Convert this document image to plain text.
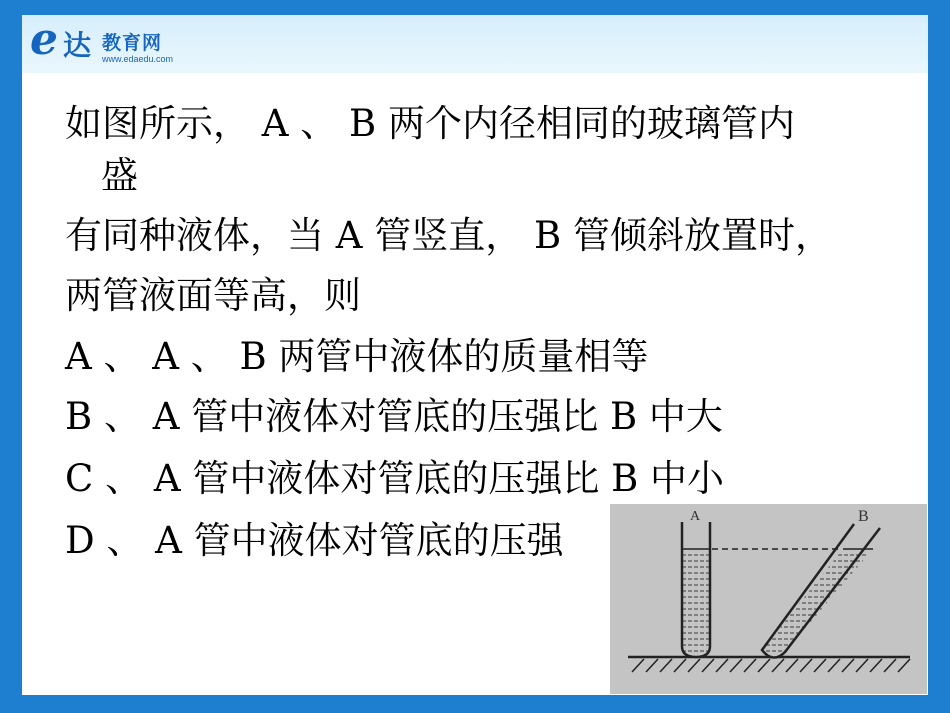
e 达 教育网
www.edaedu.com
如图所示， A 、 B 两个内径相同的玻璃管内
盛
有同种液体，当 A 管竖直， B 管倾斜放置时，
两管液面等高，则
A 、 A 、 B 两管中液体的质量相等
B 、 A 管中液体对管底的压强比 B 中大
C 、 A 管中液体对管底的压强比 B 中小
D 、 A 管中液体对管底的压强
A	B
